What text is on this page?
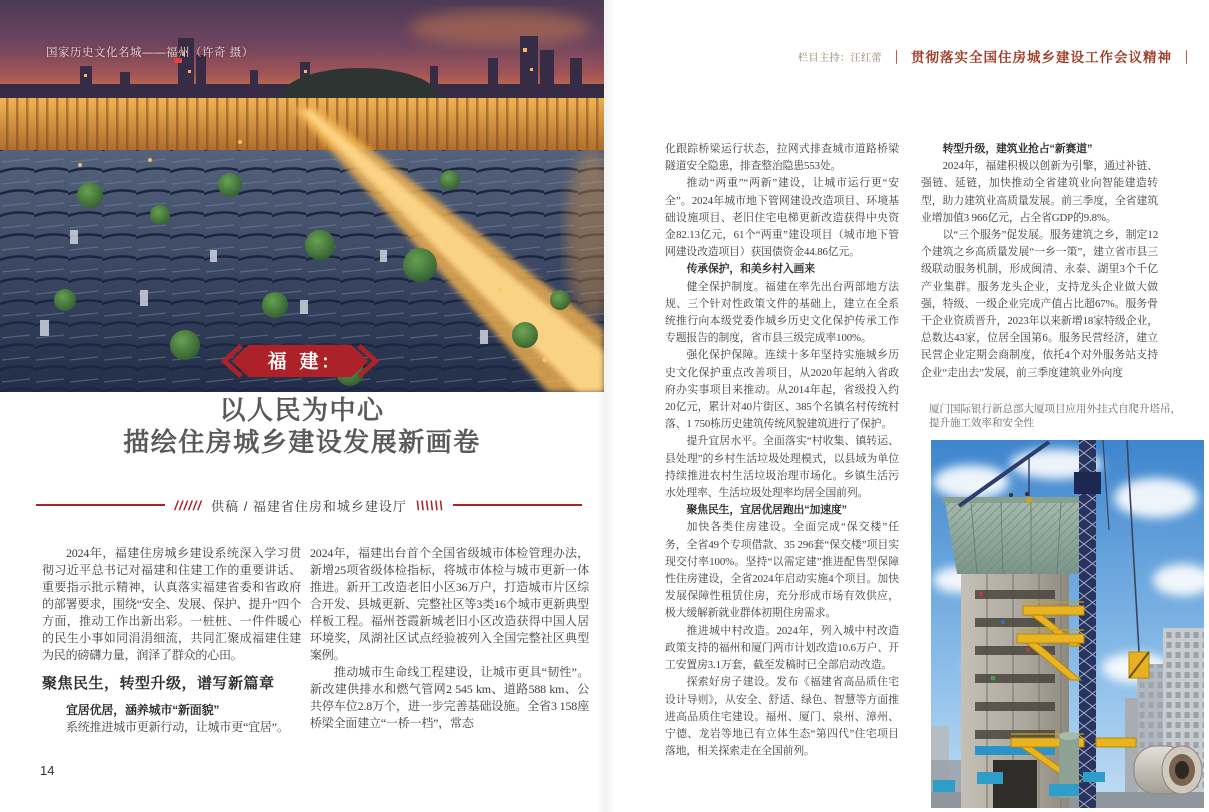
国家历史文化名城——福州（许奇 摄）
福 建:
以人民为中心
描绘住房城乡建设发展新画卷
////// 供稿 / 福建省住房和城乡建设厅 \\\\\\
2024年，福建住房城乡建设系统深入学习贯彻习近平总书记对福建和住建工作的重要讲话、重要指示批示精神，认真落实福建省委和省政府的部署要求，围绕“安全、发展、保护、提升”四个方面，推动工作出新出彩。一桩桩、一件件暖心的民生小事如同涓涓细流，共同汇聚成福建住建为民的磅礴力量，润泽了群众的心田。
聚焦民生，转型升级，谱写新篇章
宜居优居，涵养城市“新面貌”
系统推进城市更新行动，让城市更“宜居”。
2024年，福建出台首个全国省级城市体检管理办法，新增25项省级体检指标，将城市体检与城市更新一体推进。新开工改造老旧小区36万户，打造城市片区综合开发、县城更新、完整社区等3类16个城市更新典型样板工程。福州苍霞新城老旧小区改造获得中国人居环境奖，凤湖社区试点经验被列入全国完整社区典型案例。
推动城市生命线工程建设，让城市更具“韧性”。新改建供排水和燃气管网2 545 km、道路588 km、公共停车位2.8万个，进一步完善基础设施。全省3 158座桥梁全面建立“一桥一档”，常态
14
栏目主持：汪红蕾 ｜ 贯彻落实全国住房城乡建设工作会议精神 ｜
化跟踪桥梁运行状态，拉网式排查城市道路桥梁隧道安全隐患，排查整治隐患553处。
推动“两重”“两新”建设，让城市运行更“安全”。2024年城市地下管网建设改造项目、环境基础设施项目、老旧住宅电梯更新改造获得中央资金82.13亿元，61个“两重”建设项目（城市地下管网建设改造项目）获国债资金44.86亿元。
传承保护，和美乡村入画来
健全保护制度。福建在率先出台两部地方法规、三个针对性政策文件的基础上，建立在全系统推行向本级党委作城乡历史文化保护传承工作专题报告的制度，省市县三级完成率100%。
强化保护保障。连续十多年坚持实施城乡历史文化保护重点改善项目，从2020年起纳入省政府办实事项目来推动。从2014年起，省级投入约20亿元，累计对40片街区、385个名镇名村传统村落、1 750栋历史建筑传统风貌建筑进行了保护。
提升宜居水平。全面落实“村收集、镇转运、县处理”的乡村生活垃圾处理模式，以县域为单位持续推进农村生活垃圾治理市场化。乡镇生活污水处理率、生活垃圾处理率均居全国前列。
聚焦民生，宜居优居跑出“加速度”
加快各类住房建设。全面完成“保交楼”任务，全省49个专项借款、35 296套“保交楼”项目实现交付率100%。坚持“以需定建”推进配售型保障性住房建设，全省2024年启动实施4个项目。加快发展保障性租赁住房，充分形成市场有效供应，极大缓解新就业群体初期住房需求。
推进城中村改造。2024年，列入城中村改造政策支持的福州和厦门两市计划改造10.6万户、开工安置房3.1万套，截至发稿时已全部启动改造。
探索好房子建设。发布《福建省高品质住宅设计导则》，从安全、舒适、绿色、智慧等方面推进高品质住宅建设。福州、厦门、泉州、漳州、宁德、龙岩等地已有立体生态“第四代”住宅项目落地，相关探索走在全国前列。
转型升级，建筑业抢占“新赛道”
2024年，福建积极以创新为引擎，通过补链、强链、延链，加快推动全省建筑业向智能建造转型，助力建筑业高质量发展。前三季度，全省建筑业增加值3 966亿元，占全省GDP的9.8%。
以“三个服务”促发展。服务建筑之乡，制定12个建筑之乡高质量发展“一乡一策”，建立省市县三级联动服务机制，形成闽清、永泰、湖里3个千亿产业集群。服务龙头企业，支持龙头企业做大做强，特级、一级企业完成产值占比超67%。服务骨干企业资质晋升，2023年以来新增18家特级企业，总数达43家，位居全国第6。服务民营经济，建立民营企业定期会商制度，依托4个对外服务站支持企业“走出去”发展，前三季度建筑业外向度
厦门国际银行新总部大厦项目应用外挂式自爬升塔吊，
提升施工效率和安全性
